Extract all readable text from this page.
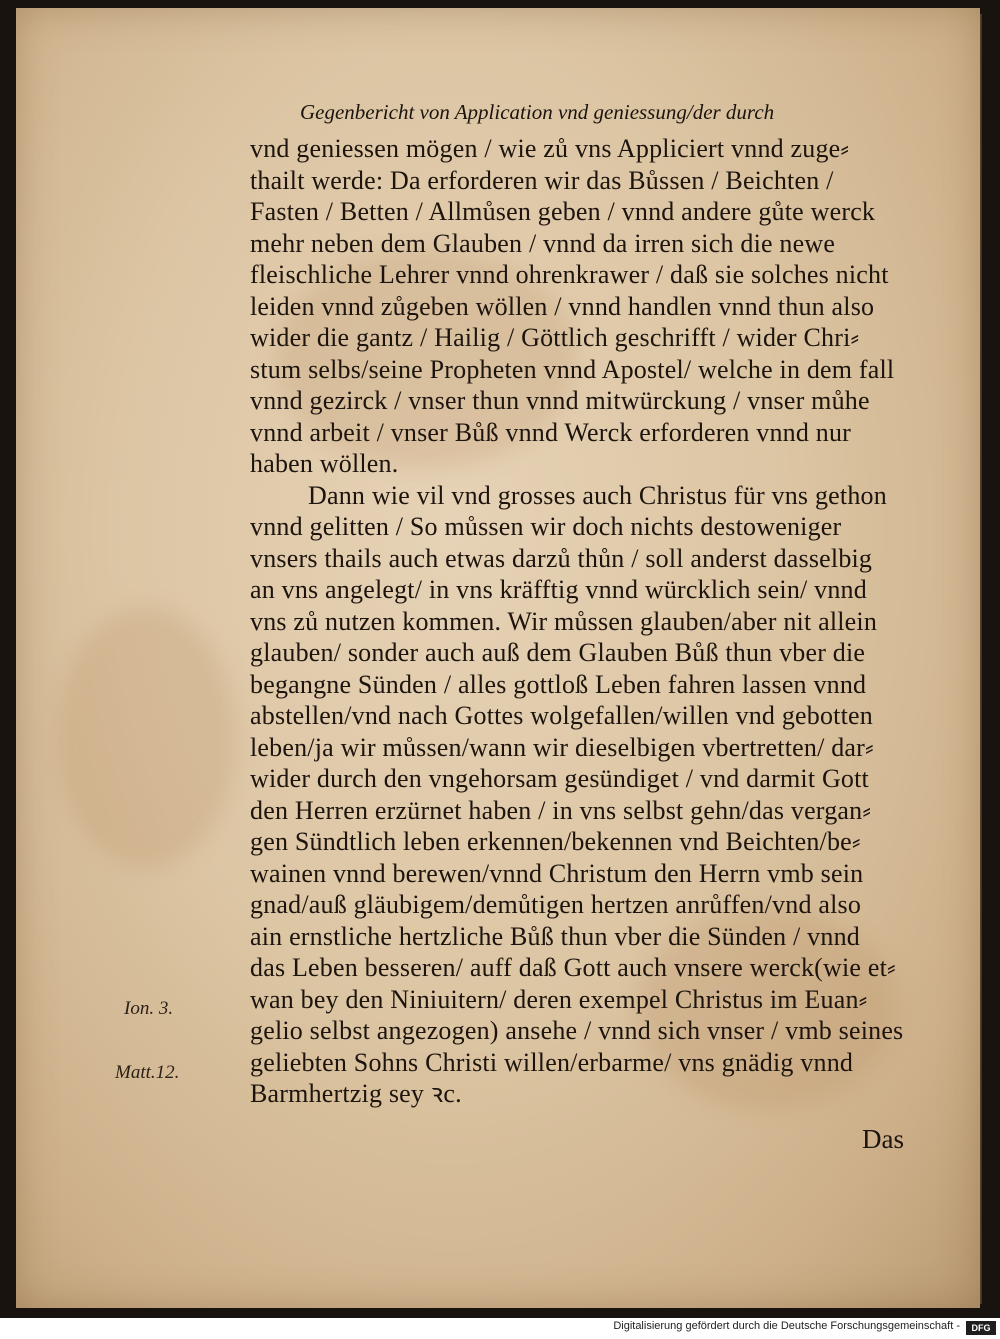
Gegenbericht von Application vnd geniessung/der durch
vnd geniessen mögen / wie zů vns Appliciert vnnd zuge⸗
thailt werde: Da erforderen wir das Bůssen / Beichten /
Fasten / Betten / Allmůsen geben / vnnd andere gůte werck
mehr neben dem Glauben / vnnd da irren sich die newe
fleischliche Lehrer vnnd ohrenkrawer / daß sie solches nicht
leiden vnnd zůgeben wöllen / vnnd handlen vnnd thun also
wider die gantz / Hailig / Göttlich geschrifft / wider Chri⸗
stum selbs/seine Propheten vnnd Apostel/ welche in dem fall
vnnd gezirck / vnser thun vnnd mitwürckung / vnser můhe
vnnd arbeit / vnser Bůß vnnd Werck erforderen vnnd nur
haben wöllen.
Dann wie vil vnd grosses auch Christus für vns gethon
vnnd gelitten / So můssen wir doch nichts destoweniger
vnsers thails auch etwas darzů thůn / soll anderst dasselbig
an vns angelegt/ in vns kräfftig vnnd würcklich sein/ vnnd
vns zů nutzen kommen. Wir můssen glauben/aber nit allein
glauben/ sonder auch auß dem Glauben Bůß thun vber die
begangne Sünden / alles gottloß Leben fahren lassen vnnd
abstellen/vnd nach Gottes wolgefallen/willen vnd gebotten
leben/ja wir můssen/wann wir dieselbigen vbertretten/ dar⸗
wider durch den vngehorsam gesündiget / vnd darmit Gott
den Herren erzürnet haben / in vns selbst gehn/das vergan⸗
gen Sündtlich leben erkennen/bekennen vnd Beichten/be⸗
wainen vnnd berewen/vnnd Christum den Herrn vmb sein
gnad/auß gläubigem/demůtigen hertzen anrůffen/vnd also
ain ernstliche hertzliche Bůß thun vber die Sünden / vnnd
das Leben besseren/ auff daß Gott auch vnsere werck(wie et⸗
wan bey den Niniuitern/ deren exempel Christus im Euan⸗
gelio selbst angezogen) ansehe / vnnd sich vnser / vmb seines
geliebten Sohns Christi willen/erbarme/ vns gnädig vnnd
Barmhertzig sey ꝛc.
Ion. 3.
Matt.12.
Das
Digitalisierung gefördert durch die Deutsche Forschungsgemeinschaft -	DFG
